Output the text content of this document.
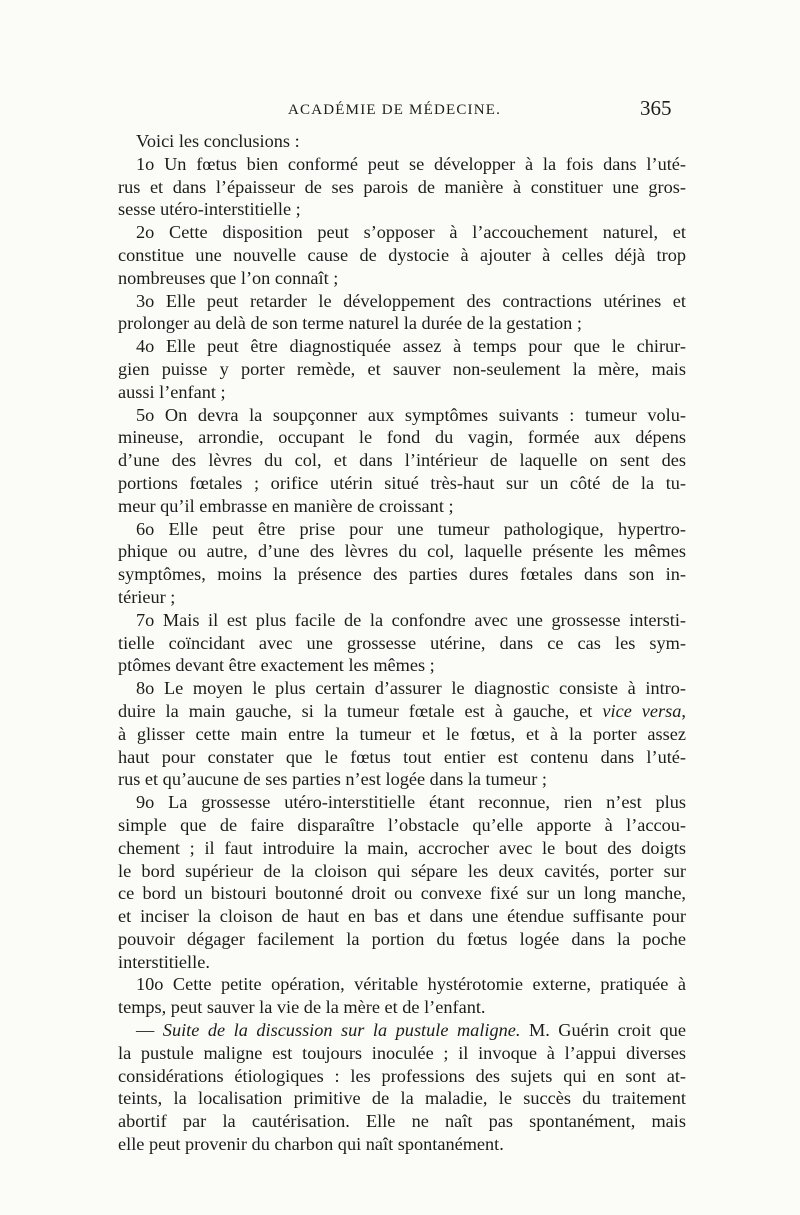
ACADÉMIE DE MÉDECINE.	365
Voici les conclusions :
1o Un fœtus bien conformé peut se développer à la fois dans l’uté-
rus et dans l’épaisseur de ses parois de manière à constituer une gros-
sesse utéro-interstitielle ;
2o Cette disposition peut s’opposer à l’accouchement naturel, et
constitue une nouvelle cause de dystocie à ajouter à celles déjà trop
nombreuses que l’on connaît ;
3o Elle peut retarder le développement des contractions utérines et
prolonger au delà de son terme naturel la durée de la gestation ;
4o Elle peut être diagnostiquée assez à temps pour que le chirur-
gien puisse y porter remède, et sauver non-seulement la mère, mais
aussi l’enfant ;
5o On devra la soupçonner aux symptômes suivants : tumeur volu-
mineuse, arrondie, occupant le fond du vagin, formée aux dépens
d’une des lèvres du col, et dans l’intérieur de laquelle on sent des
portions fœtales ; orifice utérin situé très-haut sur un côté de la tu-
meur qu’il embrasse en manière de croissant ;
6o Elle peut être prise pour une tumeur pathologique, hypertro-
phique ou autre, d’une des lèvres du col, laquelle présente les mêmes
symptômes, moins la présence des parties dures fœtales dans son in-
térieur ;
7o Mais il est plus facile de la confondre avec une grossesse intersti-
tielle coïncidant avec une grossesse utérine, dans ce cas les sym-
ptômes devant être exactement les mêmes ;
8o Le moyen le plus certain d’assurer le diagnostic consiste à intro-
duire la main gauche, si la tumeur fœtale est à gauche, et vice versa,
à glisser cette main entre la tumeur et le fœtus, et à la porter assez
haut pour constater que le fœtus tout entier est contenu dans l’uté-
rus et qu’aucune de ses parties n’est logée dans la tumeur ;
9o La grossesse utéro-interstitielle étant reconnue, rien n’est plus
simple que de faire disparaître l’obstacle qu’elle apporte à l’accou-
chement ; il faut introduire la main, accrocher avec le bout des doigts
le bord supérieur de la cloison qui sépare les deux cavités, porter sur
ce bord un bistouri boutonné droit ou convexe fixé sur un long manche,
et inciser la cloison de haut en bas et dans une étendue suffisante pour
pouvoir dégager facilement la portion du fœtus logée dans la poche
interstitielle.
10o Cette petite opération, véritable hystérotomie externe, pratiquée à
temps, peut sauver la vie de la mère et de l’enfant.
— Suite de la discussion sur la pustule maligne. M. Guérin croit que
la pustule maligne est toujours inoculée ; il invoque à l’appui diverses
considérations étiologiques : les professions des sujets qui en sont at-
teints, la localisation primitive de la maladie, le succès du traitement
abortif par la cautérisation. Elle ne naît pas spontanément, mais
elle peut provenir du charbon qui naît spontanément.
